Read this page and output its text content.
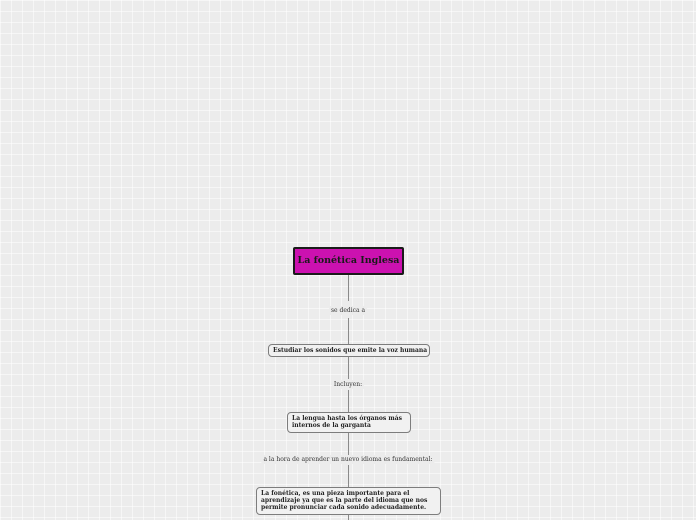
La fonética Inglesa
se dedica a
Estudiar los sonidos que emite la voz humana
Incluyen:
La lengua hasta los órganos más internos de la garganta
a la hora de aprender un nuevo idioma es fundamental:
La fonética, es una pieza importante para el aprendizaje ya que es la parte del idioma que nos permite pronunciar cada sonido adecuadamente.
